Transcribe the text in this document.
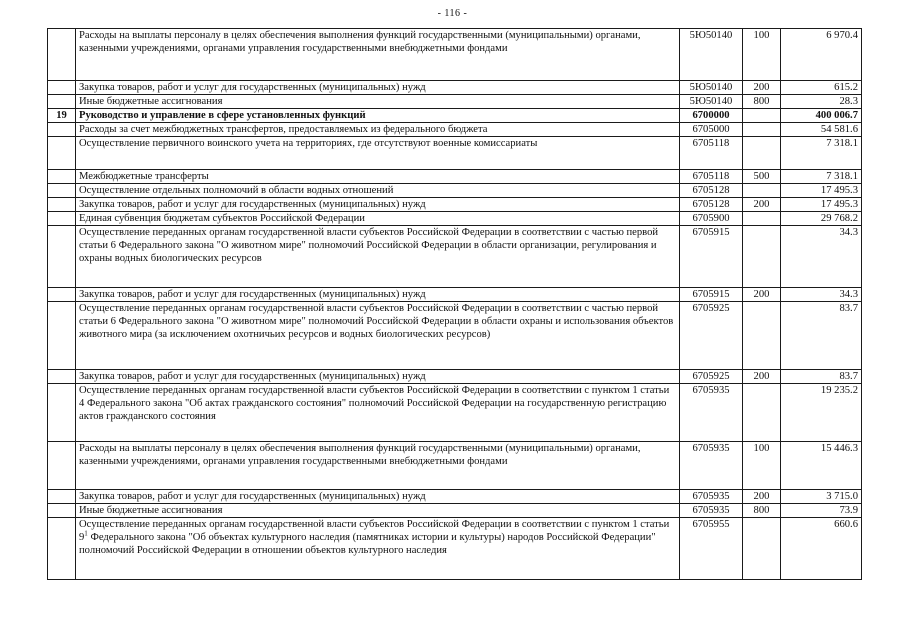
- 116 -
	Расходы на выплаты персоналу в целях обеспечения выполнения функций государственными (муниципальными) органами, казенными учреждениями, органами управления государственными внебюджетными фондами	5Ю50140	100	6 970.4
	Закупка товаров, работ и услуг для государственных (муниципальных) нужд	5Ю50140	200	615.2
	Иные бюджетные ассигнования	5Ю50140	800	28.3
19	Руководство и управление в сфере установленных функций	6700000		400 006.7
	Расходы за счет межбюджетных трансфертов, предоставляемых из федерального бюджета	6705000		54 581.6
	Осуществление первичного воинского учета на территориях, где отсутствуют военные комиссариаты	6705118		7 318.1
	Межбюджетные трансферты	6705118	500	7 318.1
	Осуществление отдельных полномочий в области водных отношений	6705128		17 495.3
	Закупка товаров, работ и услуг для государственных (муниципальных) нужд	6705128	200	17 495.3
	Единая субвенция бюджетам субъектов Российской Федерации	6705900		29 768.2
	Осуществление переданных органам государственной власти субъектов Российской Федерации в соответствии с частью первой статьи 6 Федерального закона "О животном мире" полномочий Российской Федерации в области организации, регулирования и охраны водных биологических ресурсов	6705915		34.3
	Закупка товаров, работ и услуг для государственных (муниципальных) нужд	6705915	200	34.3
	Осуществление переданных органам государственной власти субъектов Российской Федерации в соответствии с частью первой статьи 6 Федерального закона "О животном мире" полномочий Российской Федерации в области охраны и использования объектов животного мира (за исключением охотничьих ресурсов и водных биологических ресурсов)	6705925		83.7
	Закупка товаров, работ и услуг для государственных (муниципальных) нужд	6705925	200	83.7
	Осуществление переданных органам государственной власти субъектов Российской Федерации в соответствии с пунктом 1 статьи 4 Федерального закона "Об актах гражданского состояния" полномочий Российской Федерации на государственную регистрацию актов гражданского состояния	6705935		19 235.2
	Расходы на выплаты персоналу в целях обеспечения выполнения функций государственными (муниципальными) органами, казенными учреждениями, органами управления государственными внебюджетными фондами	6705935	100	15 446.3
	Закупка товаров, работ и услуг для государственных (муниципальных) нужд	6705935	200	3 715.0
	Иные бюджетные ассигнования	6705935	800	73.9
	Осуществление переданных органам государственной власти субъектов Российской Федерации в соответствии с пунктом 1 статьи $9^1$ Федерального закона "Об объектах культурного наследия (памятниках истории и культуры) народов Российской Федерации" полномочий Российской Федерации в отношении объектов культурного наследия	6705955		660.6
